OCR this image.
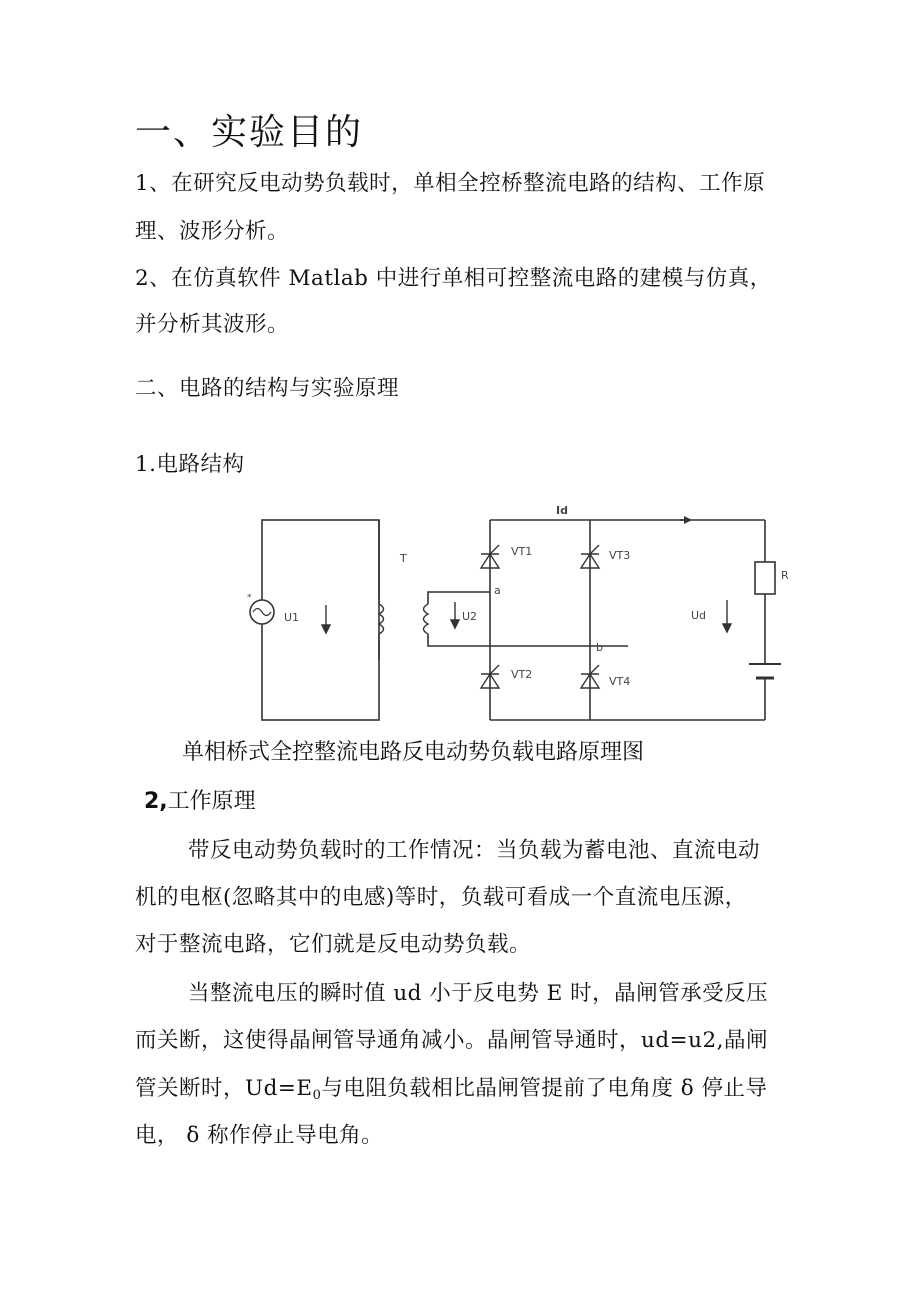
一、实验目的
1、在研究反电动势负载时，单相全控桥整流电路的结构、工作原
理、波形分析。
2、在仿真软件 Matlab 中进行单相可控整流电路的建模与仿真，
并分析其波形。
二、电路的结构与实验原理
1.电路结构
Id
T
U1	U2	Ud
R
VT1	VT3
VT2
VT4
a
b
*
单相桥式全控整流电路反电动势负载电路原理图
2,工作原理
带反电动势负载时的工作情况：当负载为蓄电池、直流电动
机的电枢(忽略其中的电感)等时，负载可看成一个直流电压源，
对于整流电路，它们就是反电动势负载。
当整流电压的瞬时值 ud 小于反电势 E 时，晶闸管承受反压
而关断，这使得晶闸管导通角减小。晶闸管导通时，ud=u2,晶闸
管关断时，$Ud=E_0$与电阻负载相比晶闸管提前了电角度 δ 停止导
电， δ 称作停止导电角。
